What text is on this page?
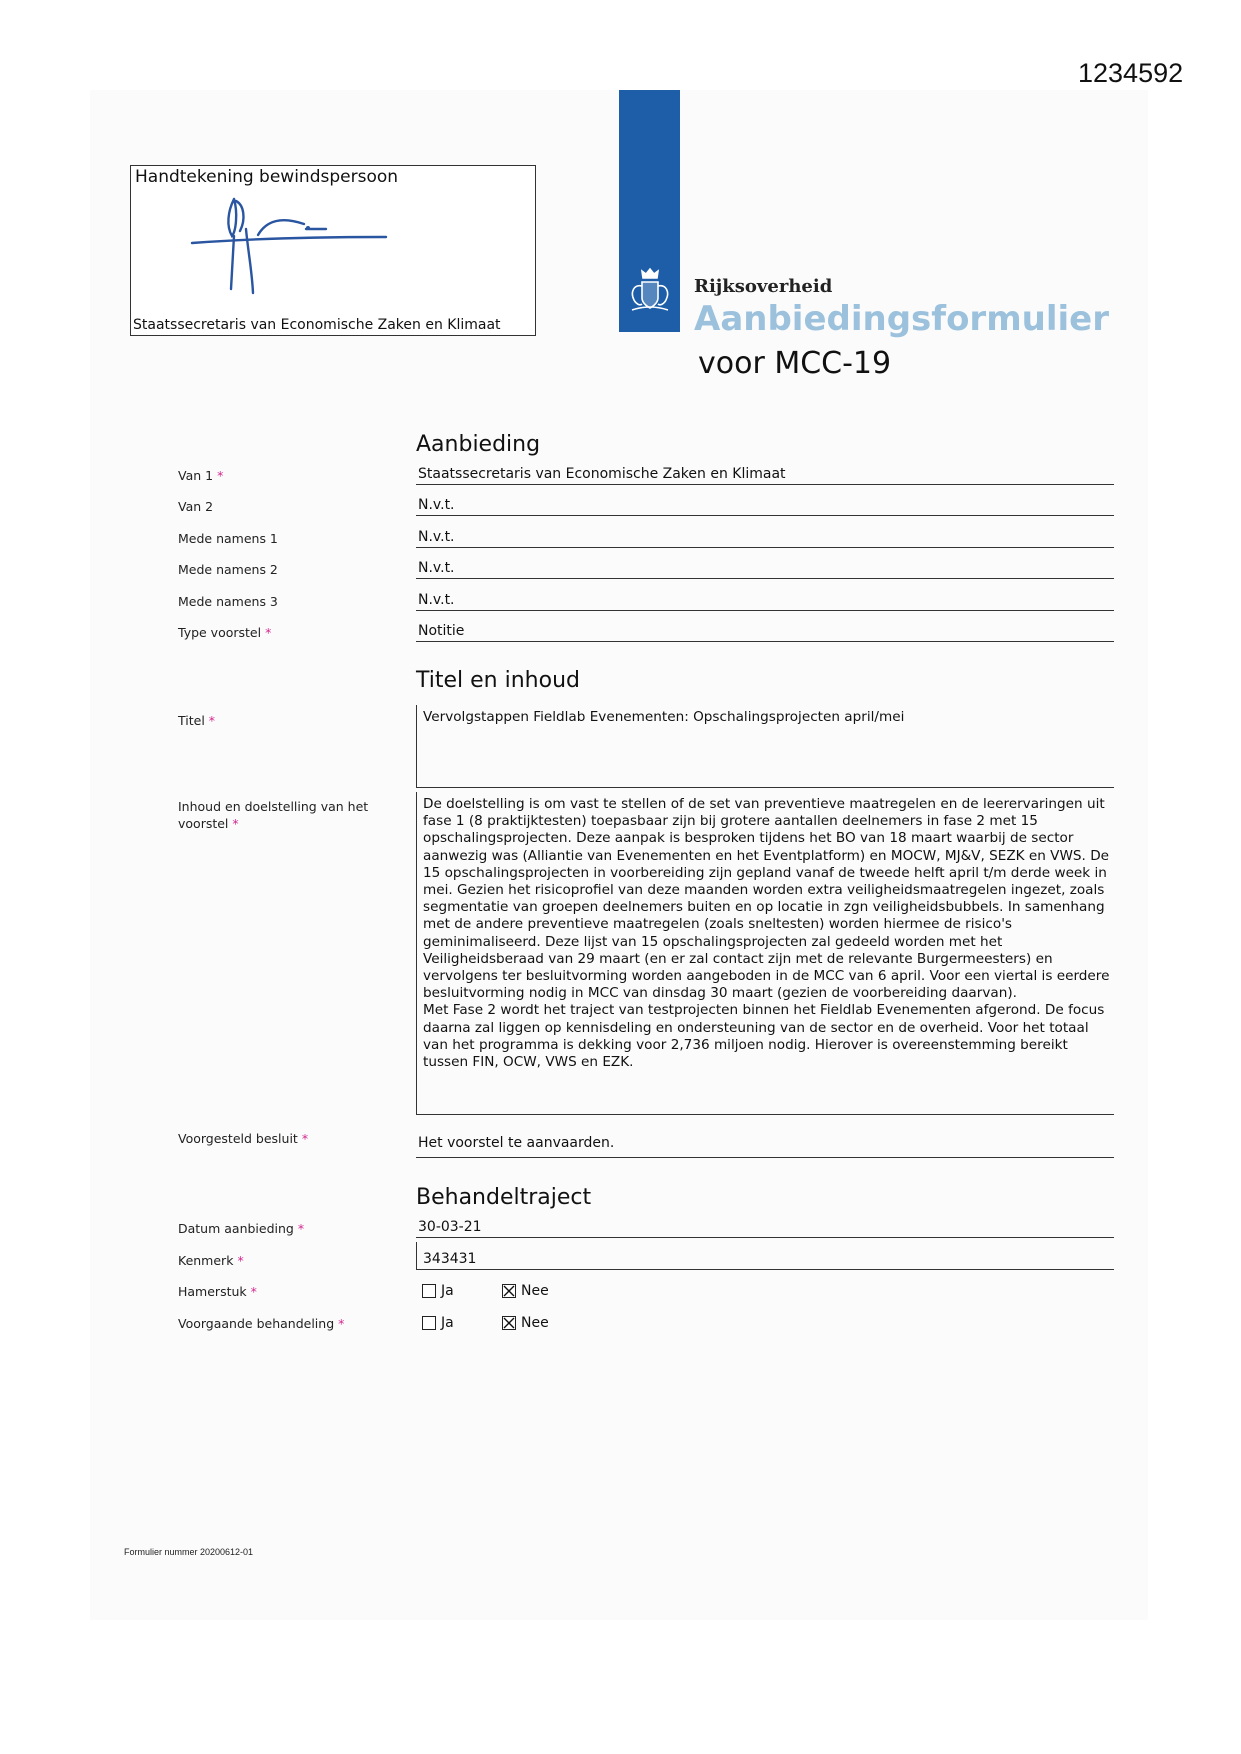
1234592
Handtekening bewindspersoon
Staatssecretaris van Economische Zaken en Klimaat
Rijksoverheid
Aanbiedingsformulier
voor MCC-19
Aanbieding
Van 1 *	Staatssecretaris van Economische Zaken en Klimaat
Van 2	N.v.t.
Mede namens 1	N.v.t.
Mede namens 2	N.v.t.
Mede namens 3	N.v.t.
Type voorstel *	Notitie
Titel en inhoud
Titel *	Vervolgstappen Fieldlab Evenementen: Opschalingsprojecten april/mei
Inhoud en doelstelling van het voorstel *
De doelstelling is om vast te stellen of de set van preventieve maatregelen en de leerervaringen uit fase 1 (8 praktijktesten) toepasbaar zijn bij grotere aantallen deelnemers in fase 2 met 15 opschalingsprojecten. Deze aanpak is besproken tijdens het BO van 18 maart waarbij de sector aanwezig was (Alliantie van Evenementen en het Eventplatform) en MOCW, MJ&V, SEZK en VWS. De 15 opschalingsprojecten in voorbereiding zijn gepland vanaf de tweede helft april t/m derde week in mei. Gezien het risicoprofiel van deze maanden worden extra veiligheidsmaatregelen ingezet, zoals segmentatie van groepen deelnemers buiten en op locatie in zgn veiligheidsbubbels. In samenhang met de andere preventieve maatregelen (zoals sneltesten) worden hiermee de risico's geminimaliseerd. Deze lijst van 15 opschalingsprojecten zal gedeeld worden met het Veiligheidsberaad van 29 maart (en er zal contact zijn met de relevante Burgermeesters) en vervolgens ter besluitvorming worden aangeboden in de MCC van 6 april. Voor een viertal is eerdere besluitvorming nodig in MCC van dinsdag 30 maart (gezien de voorbereiding daarvan).
Met Fase 2 wordt het traject van testprojecten binnen het Fieldlab Evenementen afgerond. De focus daarna zal liggen op kennisdeling en ondersteuning van de sector en de overheid. Voor het totaal van het programma is dekking voor 2,736 miljoen nodig. Hierover is overeenstemming bereikt tussen FIN, OCW, VWS en EZK.
Voorgesteld besluit *	Het voorstel te aanvaarden.
Behandeltraject
Datum aanbieding *	30-03-21
Kenmerk *	343431
Hamerstuk *	Ja	Nee
Voorgaande behandeling *	Ja	Nee
Formulier nummer 20200612-01
